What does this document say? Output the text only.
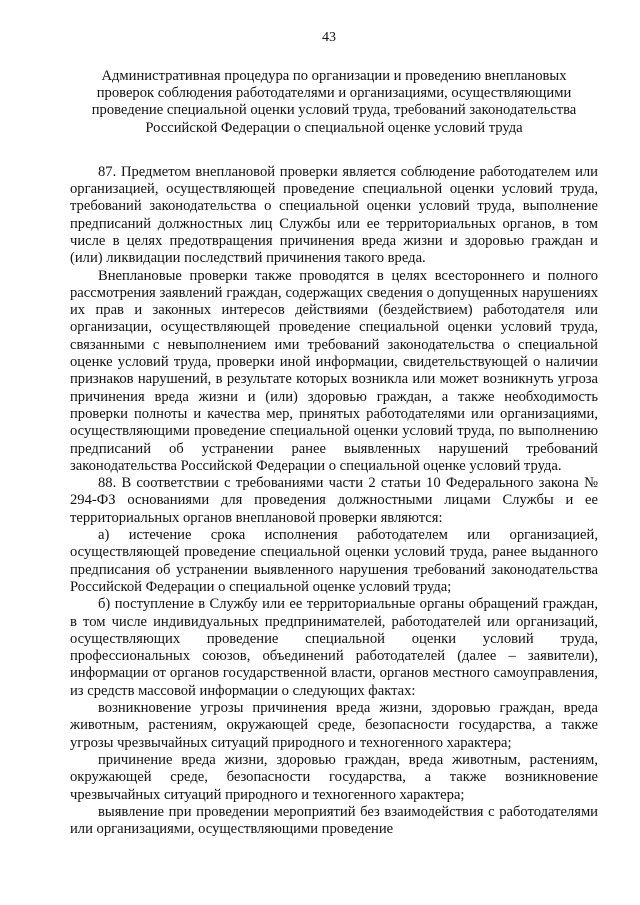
43
Административная процедура по организации и проведению внеплановых
проверок соблюдения работодателями и организациями, осуществляющими
проведение специальной оценки условий труда, требований законодательства
Российской Федерации о специальной оценке условий труда

87. Предметом внеплановой проверки является соблюдение работодателем или организацией, осуществляющей проведение специальной оценки условий труда, требований законодательства о специальной оценки условий труда, выполнение предписаний должностных лиц Службы или ее территориальных органов, в том числе в целях предотвращения причинения вреда жизни и здоровью граждан и (или) ликвидации последствий причинения такого вреда.

Внеплановые проверки также проводятся в целях всестороннего и полного рассмотрения заявлений граждан, содержащих сведения о допущенных нарушениях их прав и законных интересов действиями (бездействием) работодателя или организации, осуществляющей проведение специальной оценки условий труда, связанными с невыполнением ими требований законодательства о специальной оценке условий труда, проверки иной информации, свидетельствующей о наличии признаков нарушений, в результате которых возникла или может возникнуть угроза причинения вреда жизни и (или) здоровью граждан, а также необходимость проверки полноты и качества мер, принятых работодателями или организациями, осуществляющими проведение специальной оценки условий труда, по выполнению предписаний об устранении ранее выявленных нарушений требований законодательства Российской Федерации о специальной оценке условий труда.

88. В соответствии с требованиями части 2 статьи 10 Федерального закона № 294-ФЗ основаниями для проведения должностными лицами Службы и ее территориальных органов внеплановой проверки являются:

а) истечение срока исполнения работодателем или организацией, осуществляющей проведение специальной оценки условий труда, ранее выданного предписания об устранении выявленного нарушения требований законодательства Российской Федерации о специальной оценке условий труда;

б) поступление в Службу или ее территориальные органы обращений граждан, в том числе индивидуальных предпринимателей, работодателей или организаций, осуществляющих проведение специальной оценки условий труда, профессиональных союзов, объединений работодателей (далее – заявители), информации от органов государственной власти, органов местного самоуправления, из средств массовой информации о следующих фактах:

возникновение угрозы причинения вреда жизни, здоровью граждан, вреда животным, растениям, окружающей среде, безопасности государства, а также угрозы чрезвычайных ситуаций природного и техногенного характера;

причинение вреда жизни, здоровью граждан, вреда животным, растениям, окружающей среде, безопасности государства, а также возникновение чрезвычайных ситуаций природного и техногенного характера;

выявление при проведении мероприятий без взаимодействия с работодателями или организациями, осуществляющими проведение
